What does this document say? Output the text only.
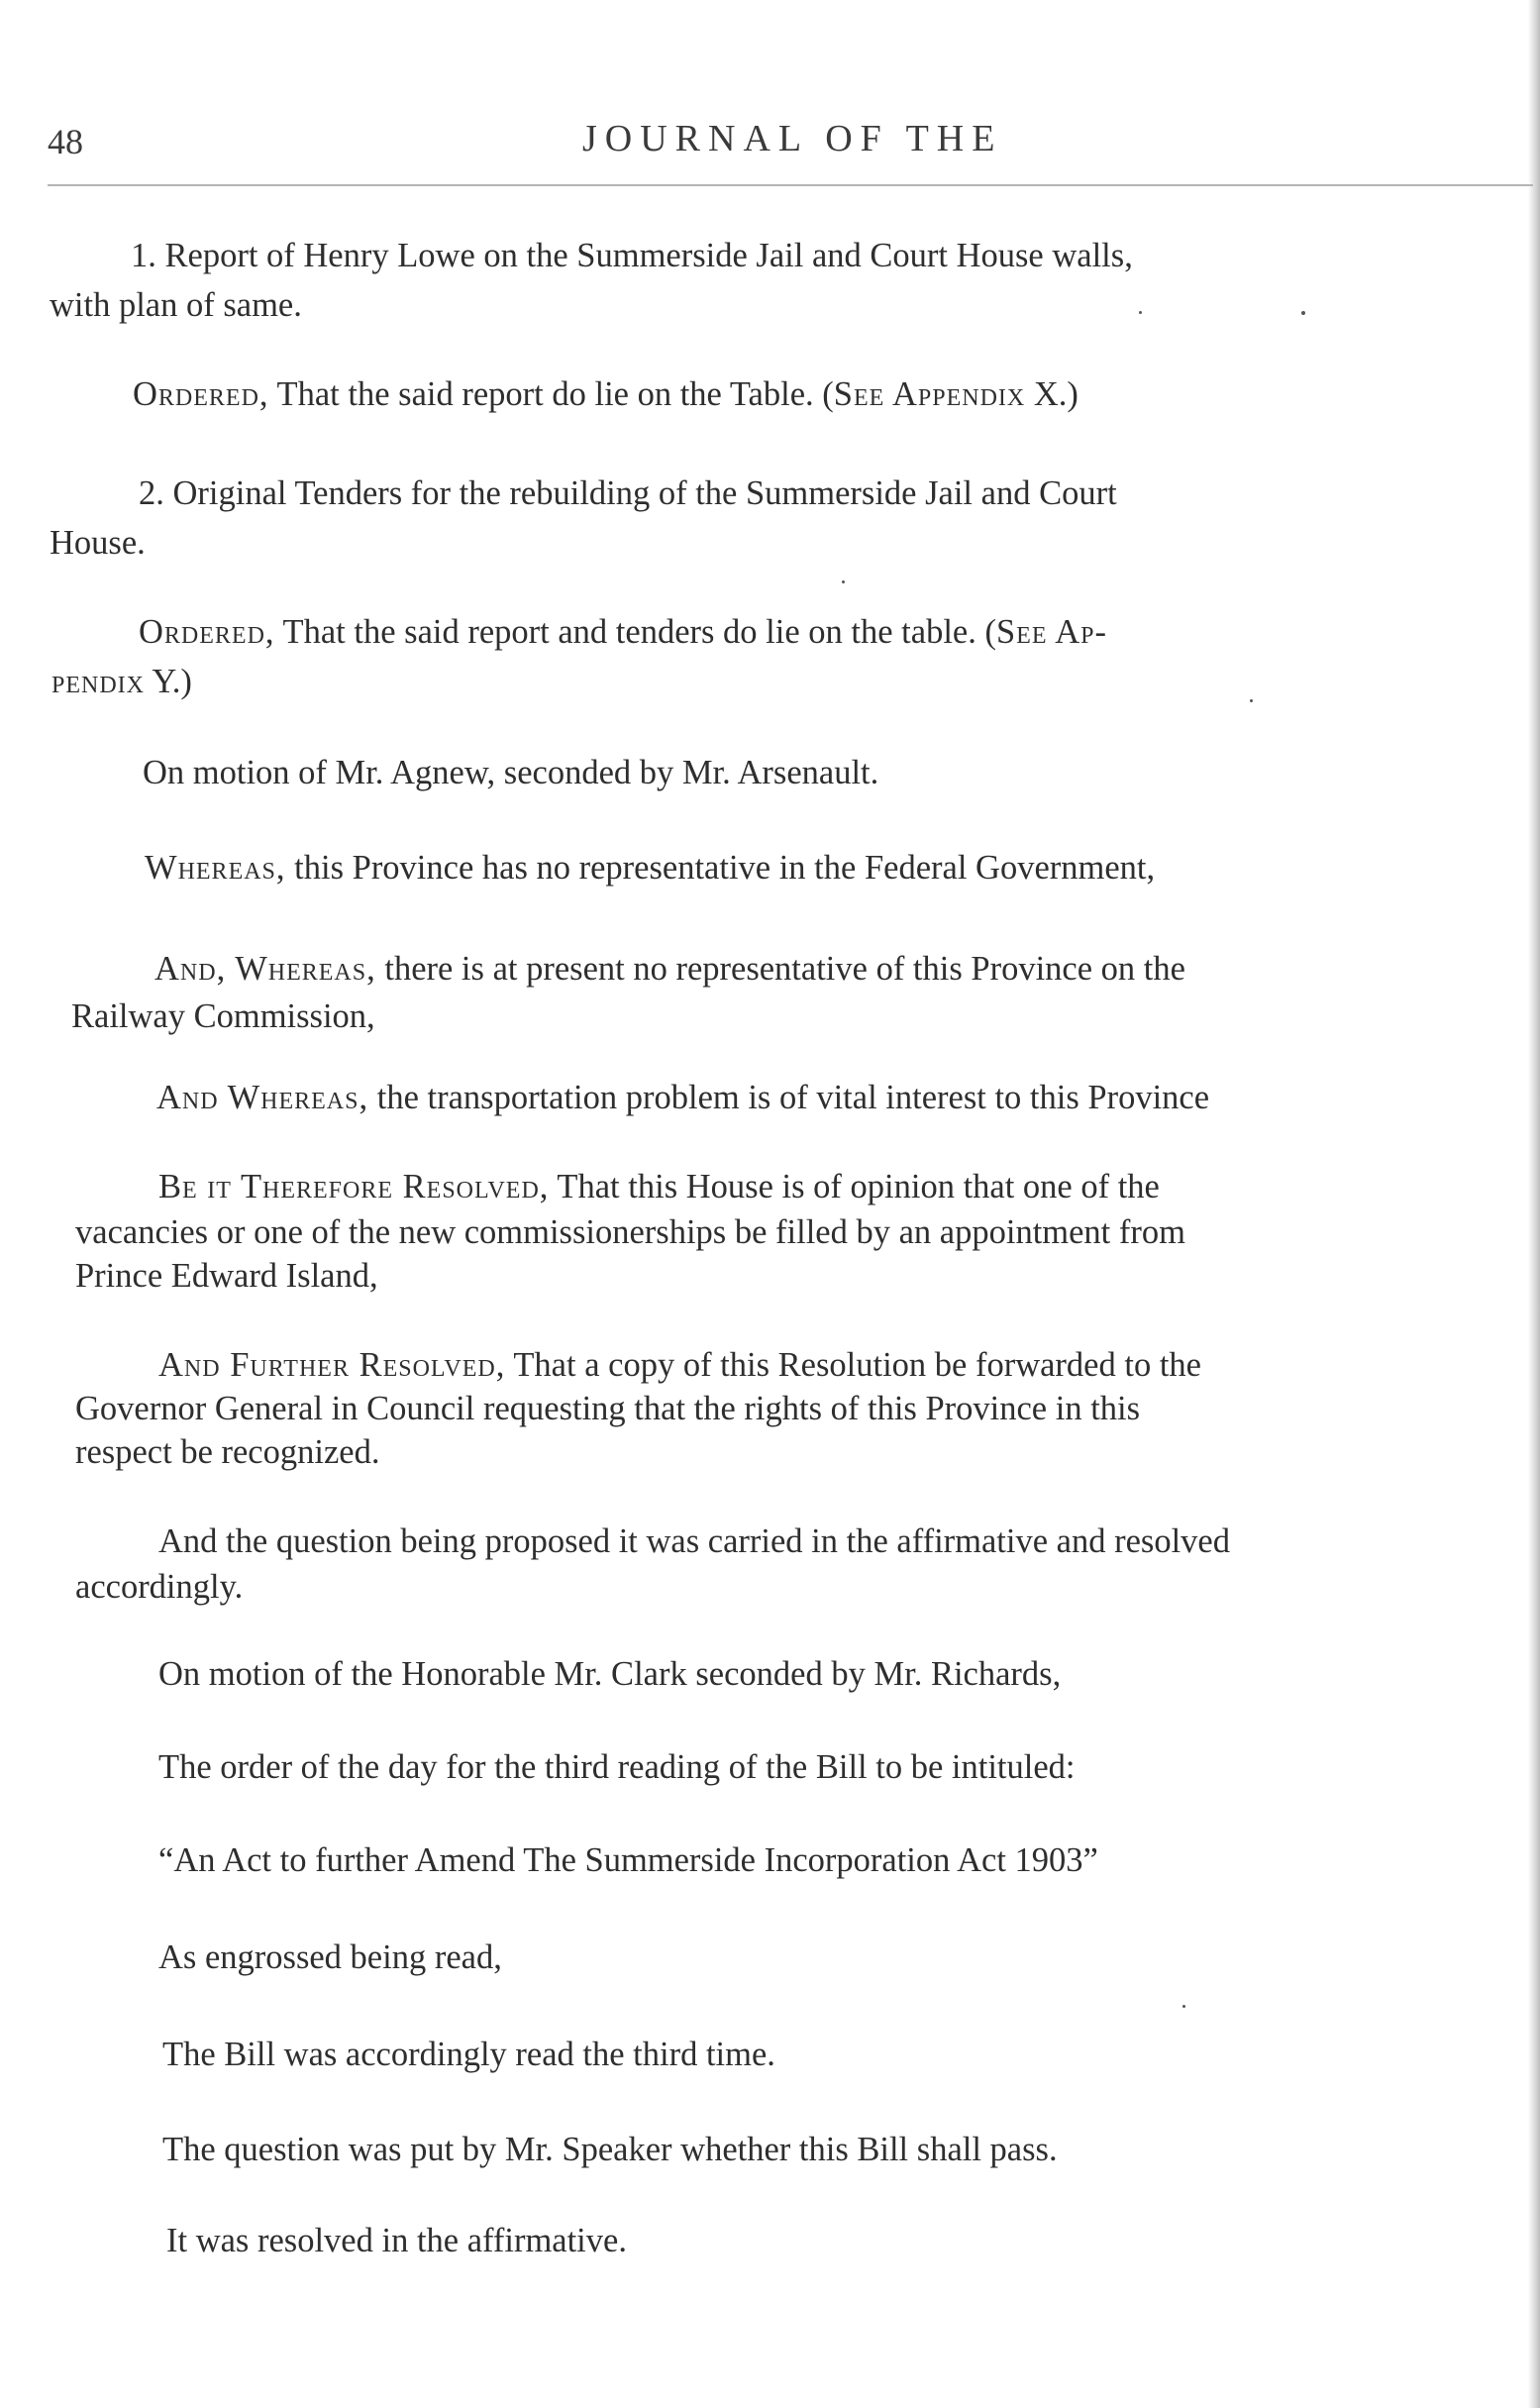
48	JOURNAL OF THE
1. Report of Henry Lowe on the Summerside Jail and Court House walls,
with plan of same.
Ordered, That the said report do lie on the Table. (See Appendix X.)
2. Original Tenders for the rebuilding of the Summerside Jail and Court
House.
Ordered, That the said report and tenders do lie on the table. (See Ap-
pendix Y.)
On motion of Mr. Agnew, seconded by Mr. Arsenault.
Whereas, this Province has no representative in the Federal Government,
And, Whereas, there is at present no representative of this Province on the
Railway Commission,
And Whereas, the transportation problem is of vital interest to this Province
Be it Therefore Resolved, That this House is of opinion that one of the
vacancies or one of the new commissionerships be filled by an appointment from
Prince Edward Island,
And Further Resolved, That a copy of this Resolution be forwarded to the
Governor General in Council requesting that the rights of this Province in this
respect be recognized.
And the question being proposed it was carried in the affirmative and resolved
accordingly.
On motion of the Honorable Mr. Clark seconded by Mr. Richards,
The order of the day for the third reading of the Bill to be intituled:
“An Act to further Amend The Summerside Incorporation Act 1903”
As engrossed being read,
The Bill was accordingly read the third time.
The question was put by Mr. Speaker whether this Bill shall pass.
It was resolved in the affirmative.
